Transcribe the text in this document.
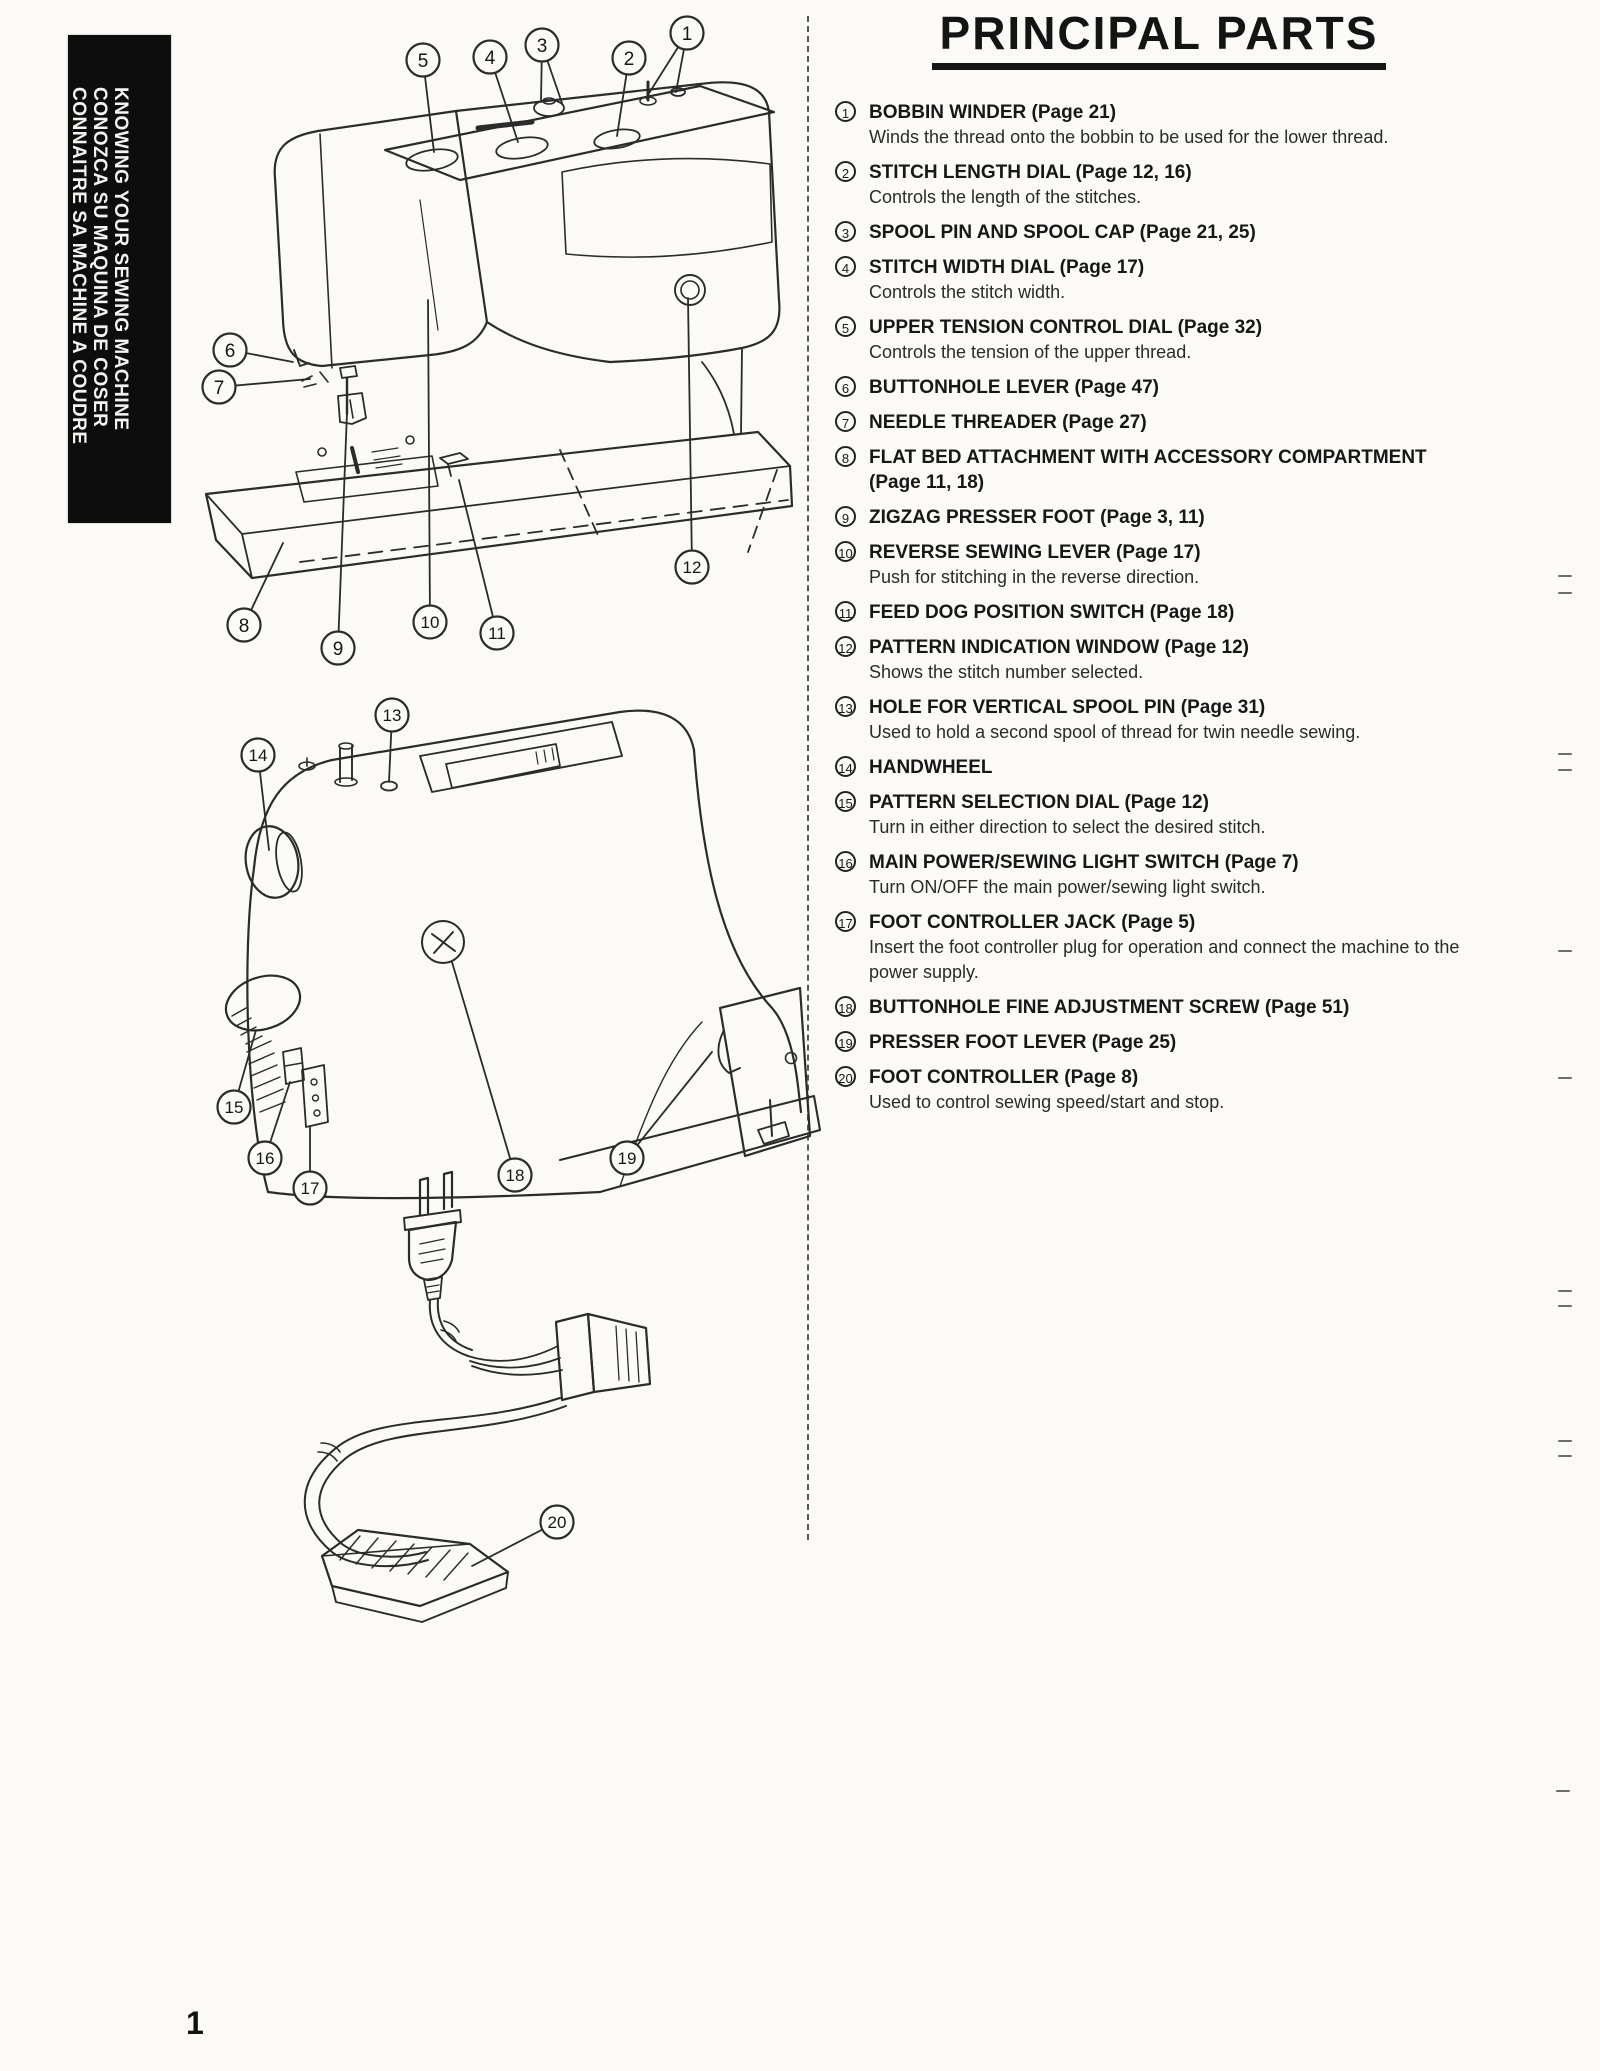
KNOWING YOUR SEWING MACHINE
CONOZCA SU MAQUINA DE COSER
CONNAITRE SA MACHINE A COUDRE
1
2
3
4
5
6
7
8
9
10
11
12
13
14
15
16
17
18
19
20
PRINCIPAL PARTS
1	BOBBIN WINDER (Page 21)
Winds the thread onto the bobbin to be used for the lower thread.
2	STITCH LENGTH DIAL (Page 12, 16)
Controls the length of the stitches.
3	SPOOL PIN AND SPOOL CAP (Page 21, 25)
4	STITCH WIDTH DIAL (Page 17)
Controls the stitch width.
5	UPPER TENSION CONTROL DIAL (Page 32)
Controls the tension of the upper thread.
6	BUTTONHOLE LEVER (Page 47)
7	NEEDLE THREADER (Page 27)
8	FLAT BED ATTACHMENT WITH ACCESSORY COMPARTMENT (Page 11, 18)
9	ZIGZAG PRESSER FOOT (Page 3, 11)
10 REVERSE SEWING LEVER (Page 17)
Push for stitching in the reverse direction.
11 FEED DOG POSITION SWITCH (Page 18)
12 PATTERN INDICATION WINDOW (Page 12)
Shows the stitch number selected.
13 HOLE FOR VERTICAL SPOOL PIN (Page 31)
Used to hold a second spool of thread for twin needle sewing.
14 HANDWHEEL
15 PATTERN SELECTION DIAL (Page 12)
Turn in either direction to select the desired stitch.
16 MAIN POWER/SEWING LIGHT SWITCH (Page 7)
Turn ON/OFF the main power/sewing light switch.
17 FOOT CONTROLLER JACK (Page 5)
Insert the foot controller plug for operation and connect the machine to the power supply.
18 BUTTONHOLE FINE ADJUSTMENT SCREW (Page 51)
19 PRESSER FOOT LEVER (Page 25)
20 FOOT CONTROLLER (Page 8)
Used to control sewing speed/start and stop.
1
